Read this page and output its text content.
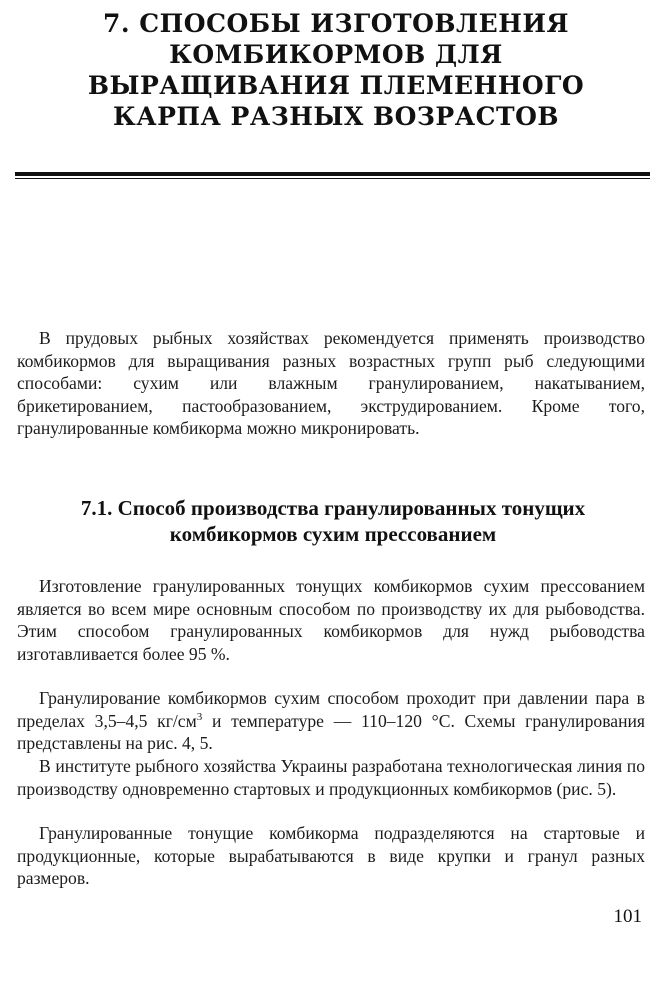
7. СПОСОБЫ ИЗГОТОВЛЕНИЯ КОМБИКОРМОВ ДЛЯ ВЫРАЩИВАНИЯ ПЛЕМЕННОГО КАРПА РАЗНЫХ ВОЗРАСТОВ

В прудовых рыбных хозяйствах рекомендуется применять производство комбикормов для выращивания разных возрастных групп рыб следующими способами: сухим или влажным гранулированием, накатыванием, брикетированием, пастообразованием, экструдированием. Кроме того, гранулированные комбикорма можно микронировать.

7.1. Способ производства гранулированных тонущих комбикормов сухим прессованием

Изготовление гранулированных тонущих комбикормов сухим прессованием является во всем мире основным способом по производству их для рыбоводства. Этим способом гранулированных комбикормов для нужд рыбоводства изготавливается более 95 %.

Гранулирование комбикормов сухим способом проходит при давлении пара в пределах 3,5–4,5 $кг/см^3$ и температуре — 110–120 °С. Схемы гранулирования представлены на рис. 4, 5.

В институте рыбного хозяйства Украины разработана технологическая линия по производству одновременно стартовых и продукционных комбикормов (рис. 5).

Гранулированные тонущие комбикорма подразделяются на стартовые и продукционные, которые вырабатываются в виде крупки и гранул разных размеров.

101
